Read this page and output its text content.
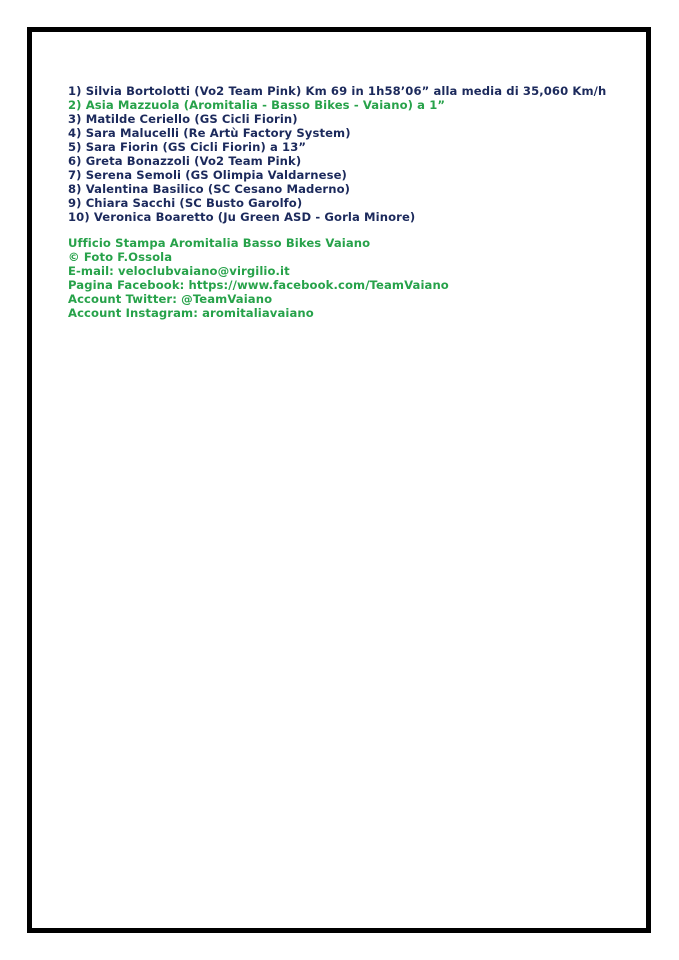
1) Silvia Bortolotti (Vo2 Team Pink) Km 69 in 1h58’06” alla media di 35,060 Km/h
2) Asia Mazzuola (Aromitalia - Basso Bikes - Vaiano) a 1”
3) Matilde Ceriello (GS Cicli Fiorin)
4) Sara Malucelli (Re Artù Factory System)
5) Sara Fiorin (GS Cicli Fiorin) a 13”
6) Greta Bonazzoli (Vo2 Team Pink)
7) Serena Semoli (GS Olimpia Valdarnese)
8) Valentina Basilico (SC Cesano Maderno)
9) Chiara Sacchi (SC Busto Garolfo)
10) Veronica Boaretto (Ju Green ASD - Gorla Minore)
Ufficio Stampa Aromitalia Basso Bikes Vaiano
© Foto F.Ossola
E-mail: veloclubvaiano@virgilio.it
Pagina Facebook: https://www.facebook.com/TeamVaiano
Account Twitter: @TeamVaiano
Account Instagram: aromitaliavaiano
